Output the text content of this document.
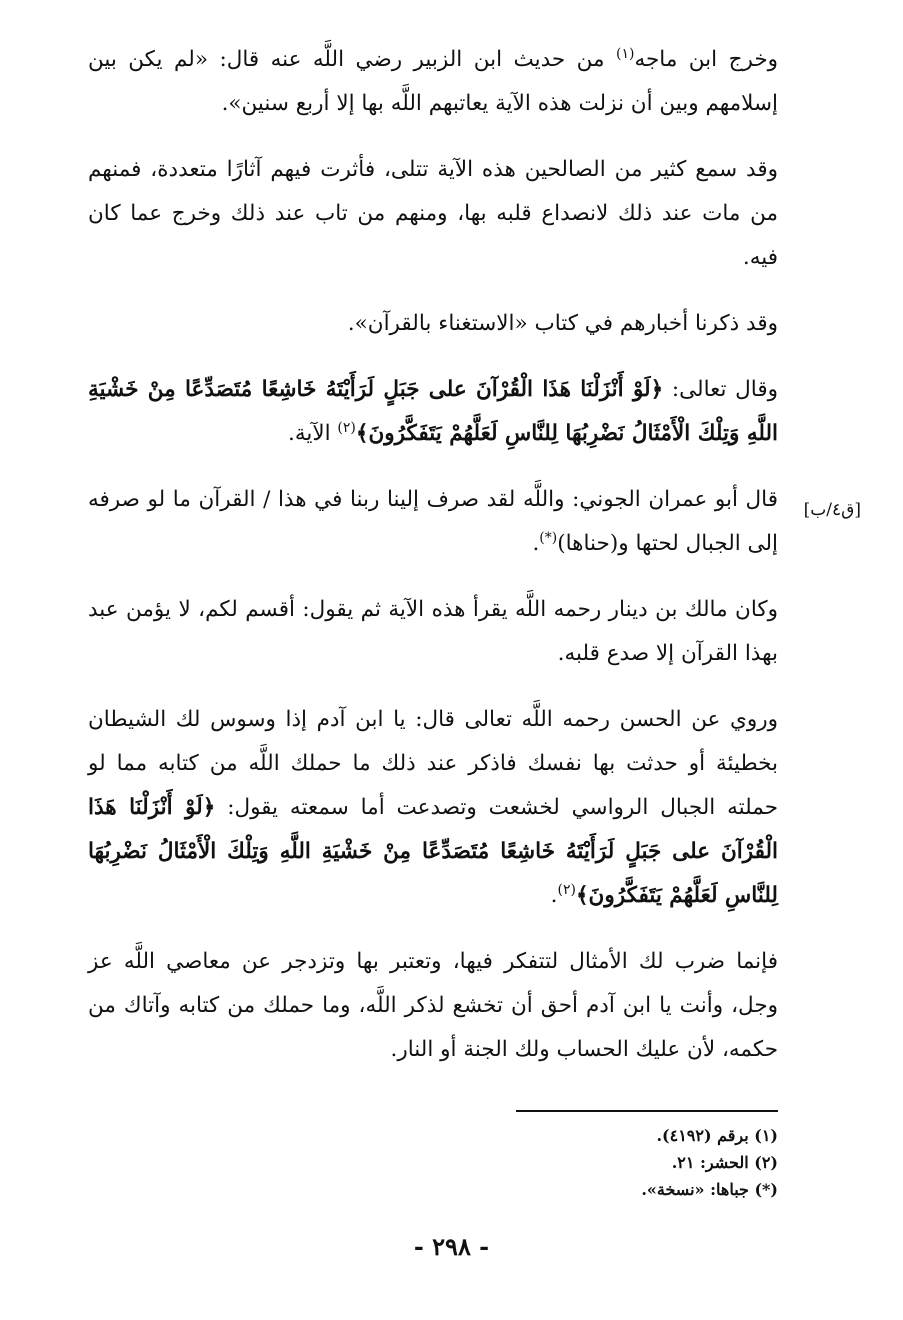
وخرج ابن ماجه$^{(١)}$ من حديث ابن الزبير رضي اللَّه عنه قال: «لم يكن بين إسلامهم وبين أن نزلت هذه الآية يعاتبهم اللَّه بها إلا أربع سنين».

وقد سمع كثير من الصالحين هذه الآية تتلى، فأثرت فيهم آثارًا متعددة، فمنهم من مات عند ذلك لانصداع قلبه بها، ومنهم من تاب عند ذلك وخرج عما كان فيه.

وقد ذكرنا أخبارهم في كتاب «الاستغناء بالقرآن».

وقال تعالى: ﴿لَوْ أَنْزَلْنَا هَذَا الْقُرْآنَ على جَبَلٍ لَرَأَيْتَهُ خَاشِعًا مُتَصَدِّعًا مِنْ خَشْيَةِ اللَّهِ وَتِلْكَ الْأَمْثَالُ نَضْرِبُهَا لِلنَّاسِ لَعَلَّهُمْ يَتَفَكَّرُونَ﴾$^{(٢)}$ الآية.

قال أبو عمران الجوني: واللَّه لقد صرف إلينا ربنا في هذا / القرآن ما لو صرفه إلى الجبال لحتها و(حناها)(*).

وكان مالك بن دينار رحمه اللَّه يقرأ هذه الآية ثم يقول: أقسم لكم، لا يؤمن عبد بهذا القرآن إلا صدع قلبه.

وروي عن الحسن رحمه اللَّه تعالى قال: يا ابن آدم إذا وسوس لك الشيطان بخطيئة أو حدثت بها نفسك فاذكر عند ذلك ما حملك اللَّه من كتابه مما لو حملته الجبال الرواسي لخشعت وتصدعت أما سمعته يقول: ﴿لَوْ أَنْزَلْنَا هَذَا الْقُرْآنَ على جَبَلٍ لَرَأَيْتَهُ خَاشِعًا مُتَصَدِّعًا مِنْ خَشْيَةِ اللَّهِ وَتِلْكَ الْأَمْثَالُ نَضْرِبُهَا لِلنَّاسِ لَعَلَّهُمْ يَتَفَكَّرُونَ﴾$^{(٢)}$.

فإنما ضرب لك الأمثال لتتفكر فيها، وتعتبر بها وتزدجر عن معاصي اللَّه عز وجل، وأنت يا ابن آدم أحق أن تخشع لذكر اللَّه، وما حملك من كتابه وآتاك من حكمه، لأن عليك الحساب ولك الجنة أو النار.

[ق٤/ب]
(١) برقم (٤١٩٢).
(٢) الحشر: ٢١.
(*) جباها: «نسخة».
- ٢٩٨ -
